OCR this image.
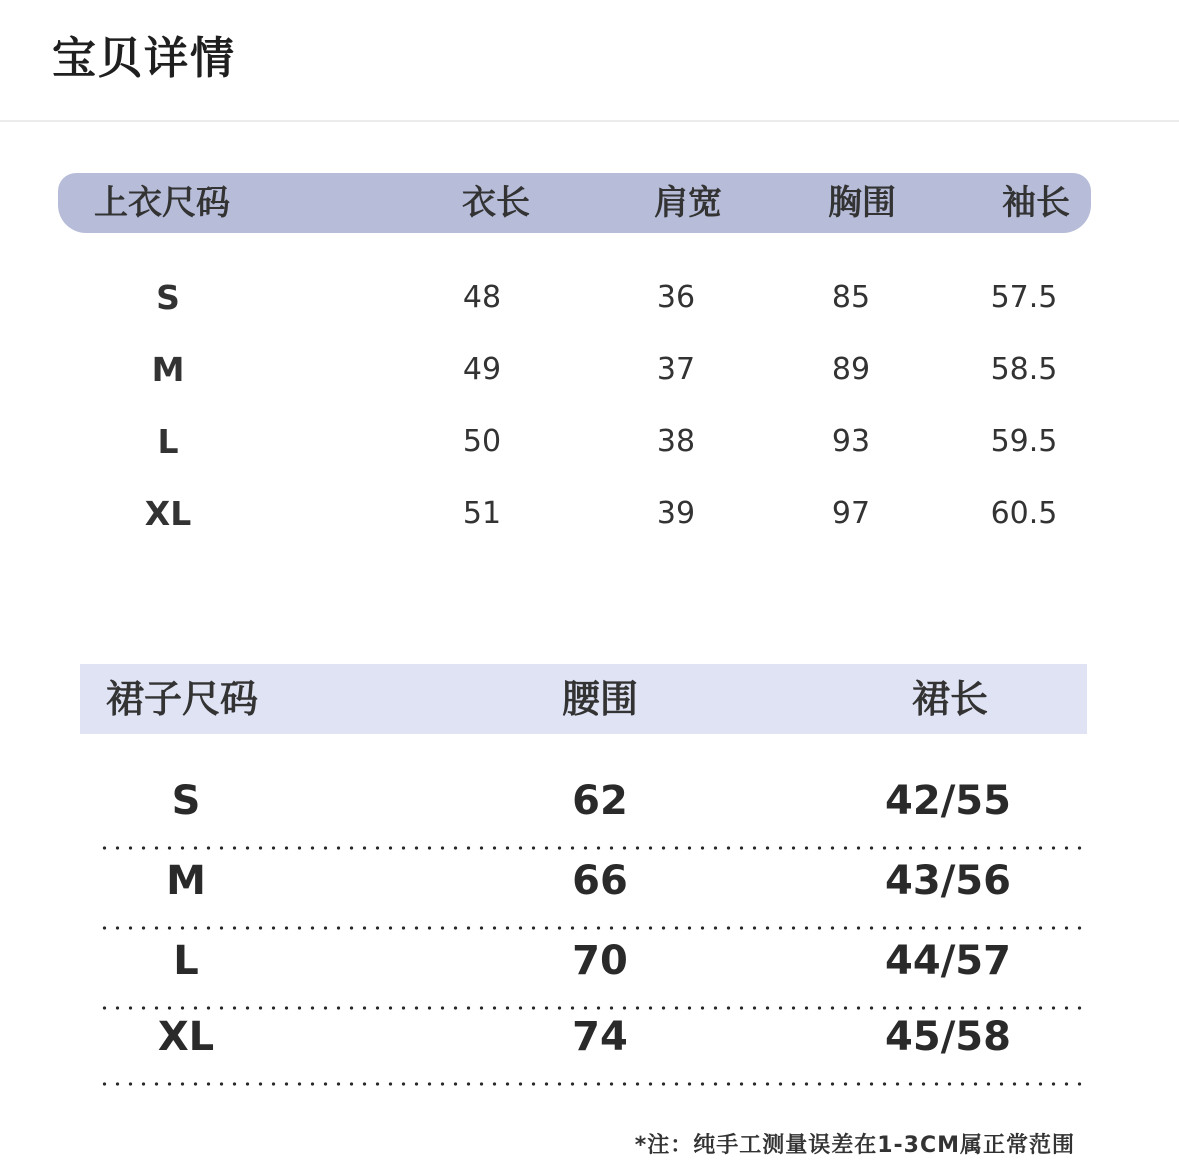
宝贝详情
上衣尺码	衣长	肩宽	胸围	袖长
S	48	36	85	57.5
M	49	37	89	58.5
L	50	38	93	59.5
XL	51	39	97	60.5
裙子尺码	腰围	裙长
S	62	42/55
M	66	43/56
L	70	44/57
XL	74	45/58
*注：纯手工测量误差在1-3CM属正常范围
